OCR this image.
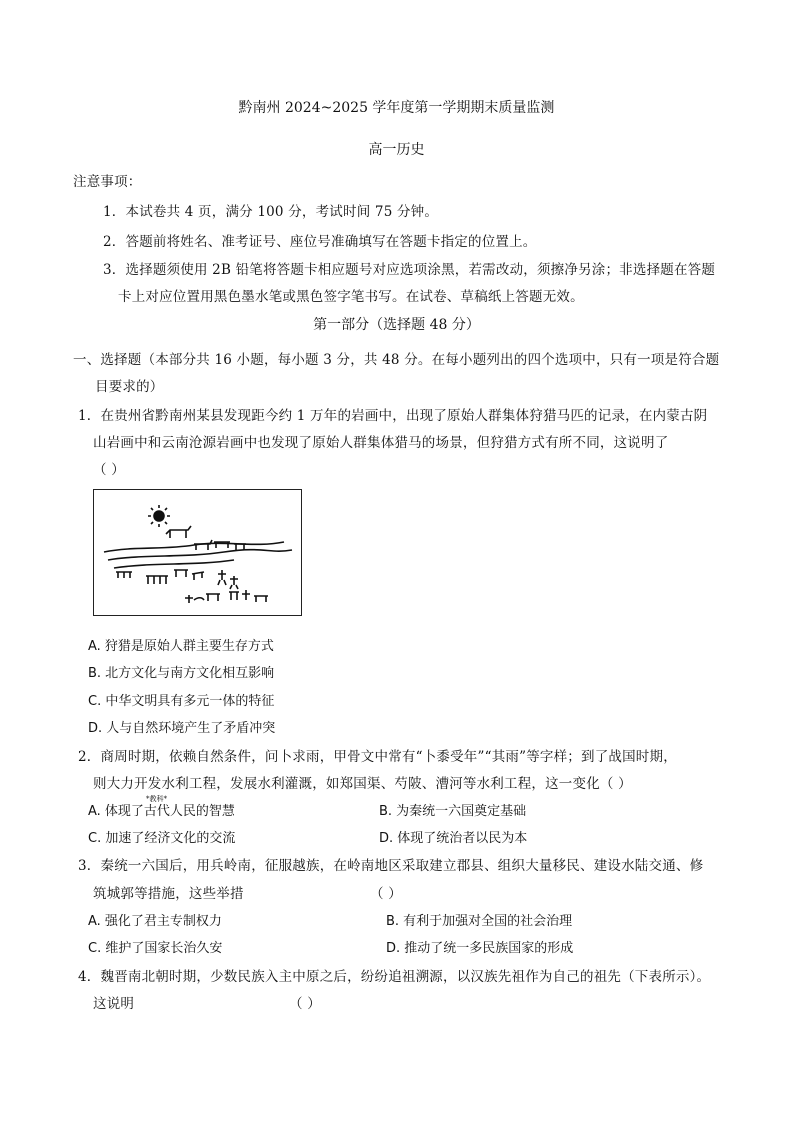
黔南州 2024~2025 学年度第一学期期末质量监测
高一历史
注意事项：
1．本试卷共 4 页，满分 100 分，考试时间 75 分钟。
2．答题前将姓名、准考证号、座位号准确填写在答题卡指定的位置上。
3．选择题须使用 2B 铅笔将答题卡相应题号对应选项涂黑，若需改动，须擦净另涂；非选择题在答题
卡上对应位置用黑色墨水笔或黑色签字笔书写。在试卷、草稿纸上答题无效。
第一部分（选择题 48 分）
一、选择题（本部分共 16 小题，每小题 3 分，共 48 分。在每小题列出的四个选项中，只有一项是符合题
目要求的）
1．在贵州省黔南州某县发现距今约 1 万年的岩画中，出现了原始人群集体狩猎马匹的记录，在内蒙古阴
山岩画中和云南沧源岩画中也发现了原始人群集体猎马的场景，但狩猎方式有所不同，这说明了
（ ）
A. 狩猎是原始人群主要生存方式
B. 北方文化与南方文化相互影响
C. 中华文明具有多元一体的特征
D. 人与自然环境产生了矛盾冲突
2．商周时期，依赖自然条件，问卜求雨，甲骨文中常有“卜黍受年”“其雨”等字样；到了战国时期，
则大力开发水利工程，发展水利灌溉，如郑国渠、芍陂、漕河等水利工程，这一变化（ ）
*教科*
A. 体现了古代人民的智慧	B. 为秦统一六国奠定基础
C. 加速了经济文化的交流	D. 体现了统治者以民为本
3．秦统一六国后，用兵岭南，征服越族，在岭南地区采取建立郡县、组织大量移民、建设水陆交通、修
筑城郭等措施，这些举措	（ ）
A. 强化了君主专制权力	B. 有利于加强对全国的社会治理
C. 维护了国家长治久安	D. 推动了统一多民族国家的形成
4．魏晋南北朝时期，少数民族入主中原之后，纷纷追祖溯源，以汉族先祖作为自己的祖先（下表所示）。
这说明	（ ）
